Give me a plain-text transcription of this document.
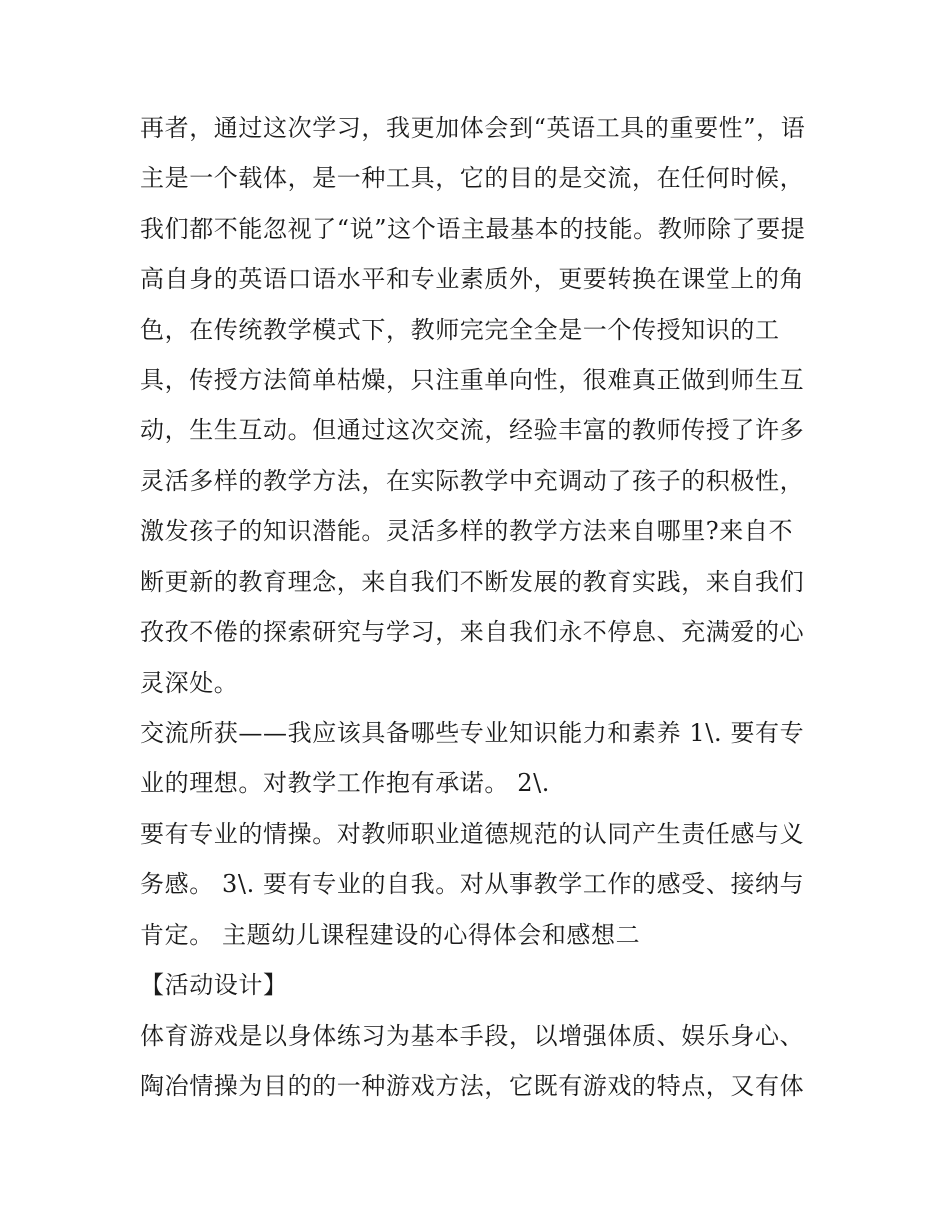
再者，通过这次学习，我更加体会到“英语工具的重要性”，语
主是一个载体，是一种工具，它的目的是交流，在任何时候，
我们都不能忽视了“说”这个语主最基本的技能。教师除了要提
高自身的英语口语水平和专业素质外，更要转换在课堂上的角
色，在传统教学模式下，教师完完全全是一个传授知识的工
具，传授方法简单枯燥，只注重单向性，很难真正做到师生互
动，生生互动。但通过这次交流，经验丰富的教师传授了许多
灵活多样的教学方法，在实际教学中充调动了孩子的积极性，
激发孩子的知识潜能。灵活多样的教学方法来自哪里?来自不
断更新的教育理念，来自我们不断发展的教育实践，来自我们
孜孜不倦的探索研究与学习，来自我们永不停息、充满爱的心
灵深处。
交流所获——我应该具备哪些专业知识能力和素养 1\. 要有专
业的理想。对教学工作抱有承诺。 2\.
要有专业的情操。对教师职业道德规范的认同产生责任感与义
务感。 3\. 要有专业的自我。对从事教学工作的感受、接纳与
肯定。 主题幼儿课程建设的心得体会和感想二
【活动设计】
体育游戏是以身体练习为基本手段，以增强体质、娱乐身心、
陶冶情操为目的的一种游戏方法，它既有游戏的特点，又有体
